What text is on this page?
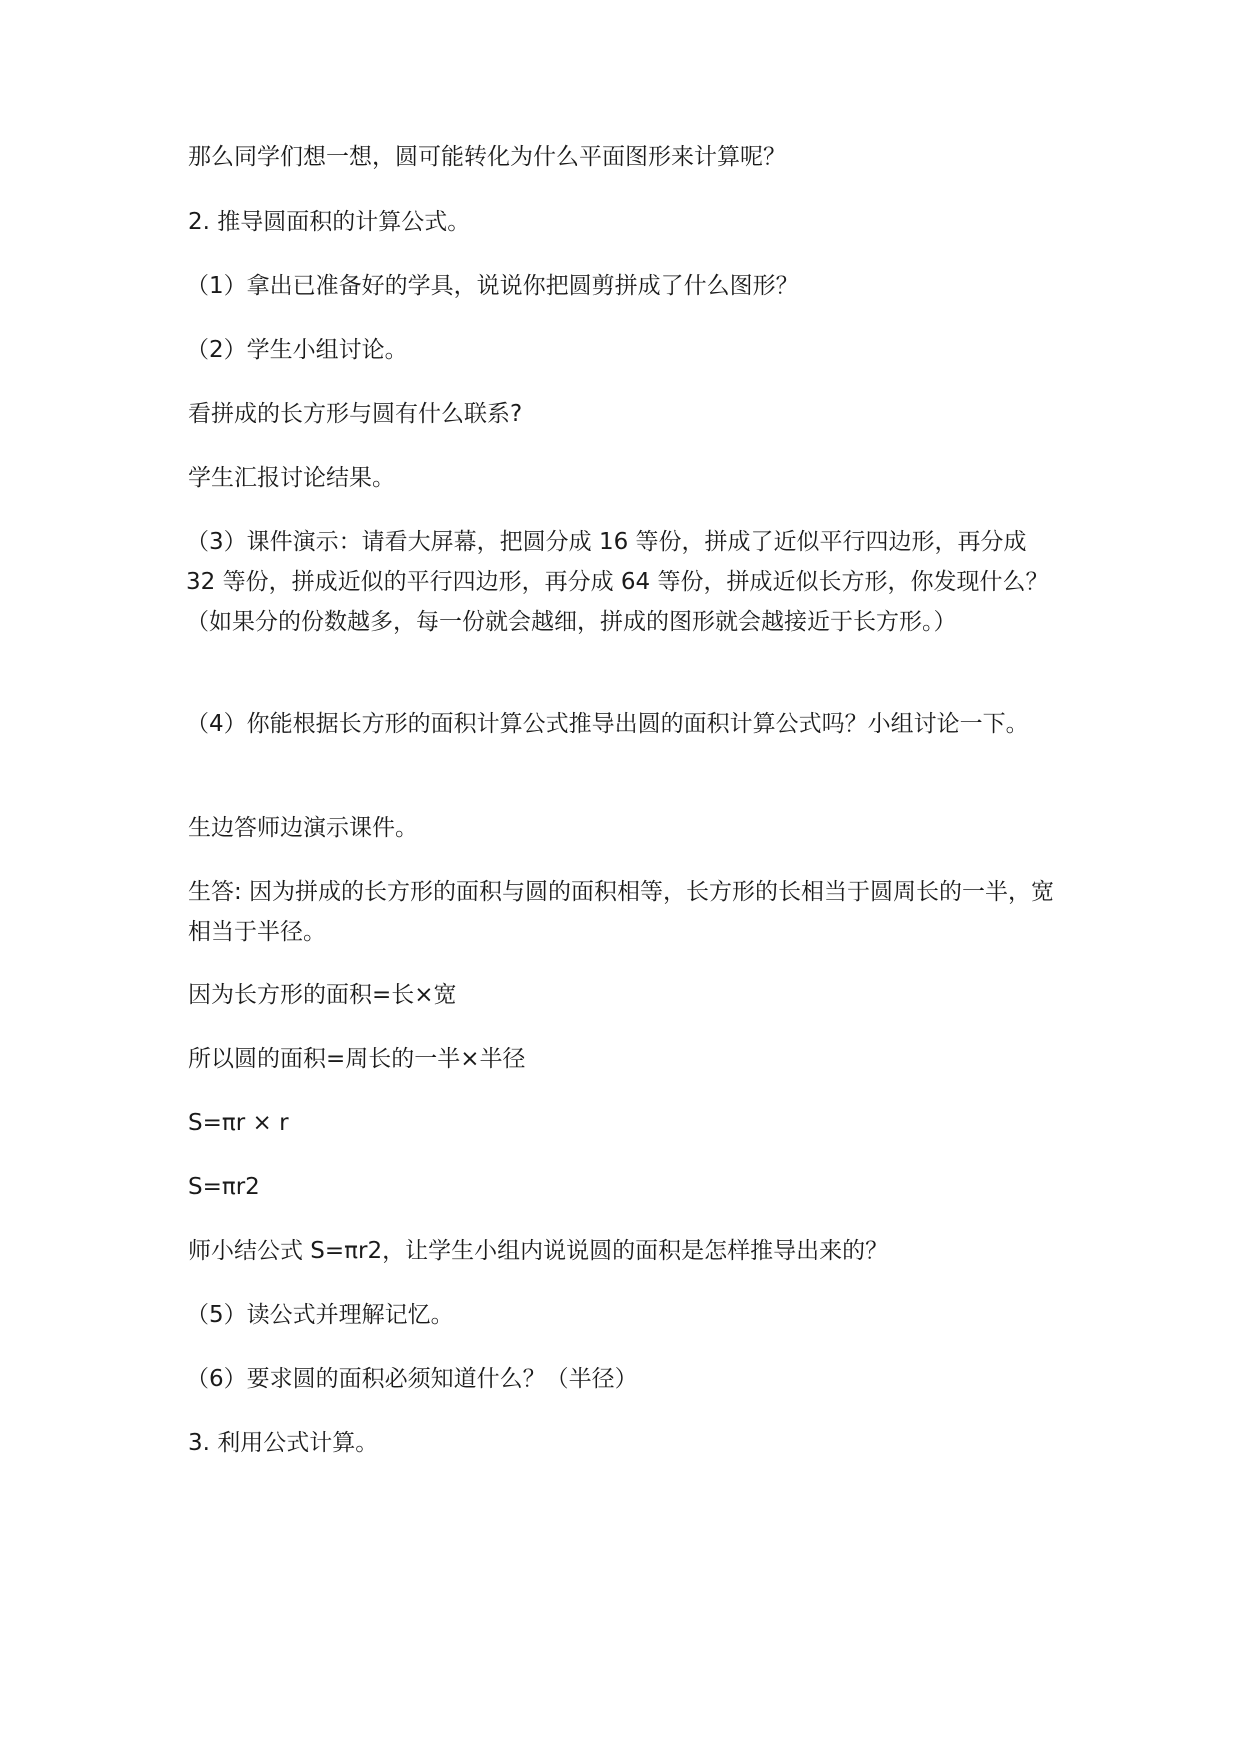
那么同学们想一想，圆可能转化为什么平面图形来计算呢？

2. 推导圆面积的计算公式。

（1）拿出已准备好的学具，说说你把圆剪拼成了什么图形？

（2）学生小组讨论。

看拼成的长方形与圆有什么联系?

学生汇报讨论结果。

（3）课件演示：请看大屏幕，把圆分成 16 等份，拼成了近似平行四边形，再分成 32 等份，拼成近似的平行四边形，再分成 64 等份，拼成近似长方形，你发现什么？（如果分的份数越多，每一份就会越细，拼成的图形就会越接近于长方形。）

（4）你能根据长方形的面积计算公式推导出圆的面积计算公式吗？小组讨论一下。

生边答师边演示课件。

生答: 因为拼成的长方形的面积与圆的面积相等，长方形的长相当于圆周长的一半，宽相当于半径。

因为长方形的面积=长×宽

所以圆的面积=周长的一半×半径

S=πr × r

S=πr2

师小结公式 S=πr2，让学生小组内说说圆的面积是怎样推导出来的？

（5）读公式并理解记忆。

（6）要求圆的面积必须知道什么？（半径）

3. 利用公式计算。
